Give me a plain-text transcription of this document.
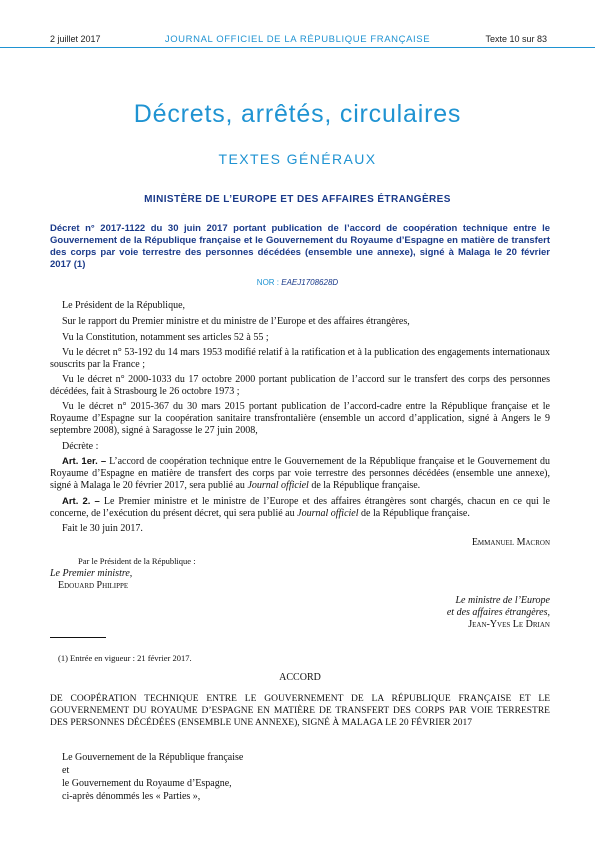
2 juillet 2017	JOURNAL OFFICIEL DE LA RÉPUBLIQUE FRANÇAISE	Texte 10 sur 83
Décrets, arrêtés, circulaires
TEXTES GÉNÉRAUX
MINISTÈRE DE L’EUROPE ET DES AFFAIRES ÉTRANGÈRES
Décret n° 2017-1122 du 30 juin 2017 portant publication de l’accord de coopération technique entre le Gouvernement de la République française et le Gouvernement du Royaume d’Espagne en matière de transfert des corps par voie terrestre des personnes décédées (ensemble une annexe), signé à Malaga le 20 février 2017 (1)
NOR : EAEJ1708628D
Le Président de la République,
Sur le rapport du Premier ministre et du ministre de l’Europe et des affaires étrangères,
Vu la Constitution, notamment ses articles 52 à 55 ;
Vu le décret n° 53-192 du 14 mars 1953 modifié relatif à la ratification et à la publication des engagements internationaux souscrits par la France ;
Vu le décret n° 2000-1033 du 17 octobre 2000 portant publication de l’accord sur le transfert des corps des personnes décédées, fait à Strasbourg le 26 octobre 1973 ;
Vu le décret n° 2015-367 du 30 mars 2015 portant publication de l’accord-cadre entre la République française et le Royaume d’Espagne sur la coopération sanitaire transfrontalière (ensemble un accord d’application, signé à Angers le 9 septembre 2008), signé à Saragosse le 27 juin 2008,
Décrète :
Art. 1er. – L’accord de coopération technique entre le Gouvernement de la République française et le Gouvernement du Royaume d’Espagne en matière de transfert des corps par voie terrestre des personnes décédées (ensemble une annexe), signé à Malaga le 20 février 2017, sera publié au Journal officiel de la République française.
Art. 2. – Le Premier ministre et le ministre de l’Europe et des affaires étrangères sont chargés, chacun en ce qui le concerne, de l’exécution du présent décret, qui sera publié au Journal officiel de la République française.
Fait le 30 juin 2017.
Emmanuel Macron
Par le Président de la République :
Le Premier ministre,
Edouard Philippe
Le ministre de l’Europe
et des affaires étrangères,
Jean-Yves Le Drian
(1) Entrée en vigueur : 21 février 2017.
ACCORD
DE COOPÉRATION TECHNIQUE ENTRE LE GOUVERNEMENT DE LA RÉPUBLIQUE FRANÇAISE ET LE GOUVERNEMENT DU ROYAUME D’ESPAGNE EN MATIÈRE DE TRANSFERT DES CORPS PAR VOIE TERRESTRE DES PERSONNES DÉCÉDÉES (ENSEMBLE UNE ANNEXE), SIGNÉ À MALAGA LE 20 FÉVRIER 2017
Le Gouvernement de la République française
et
le Gouvernement du Royaume d’Espagne,
ci-après dénommés les « Parties »,
